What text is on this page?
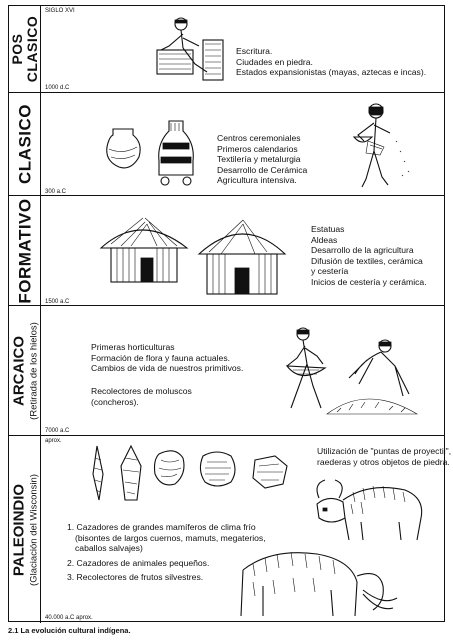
POS CLASICO
SIGLO XVI
Escritura.
Ciudades en piedra.
Estados expansionistas (mayas, aztecas e incas).
1000 d.C
CLASICO	Centros ceremoniales
Primeros calendarios
Textilería y metalurgia
Desarrollo de Cerámica
Agricultura intensiva.
300 a.C
FORMATIVO	Estatuas
Aldeas
Desarrollo de la agricultura
Difusión de textiles, cerámica
y cestería
Inicios de cestería y cerámica.
1500 a.C
ARCAICO (Retirada de los hielos)	Primeras horticulturas
Formación de flora y fauna actuales.
Cambios de vida de nuestros primitivos.
Recolectores de moluscos
(concheros).
7000 a.C
PALEOINDIO (Glaciación del Wisconsin)
aprox.
Utilización de "puntas de proyectil",
raederas y otros objetos de piedra.
1. Cazadores de grandes mamíferos de clima frío
(bisontes de largos cuernos, mamuts, megaterios,
caballos salvajes)
2. Cazadores de animales pequeños.
3. Recolectores de frutos silvestres.
40.000 a.C aprox.
2.1 La evolución cultural indígena.
